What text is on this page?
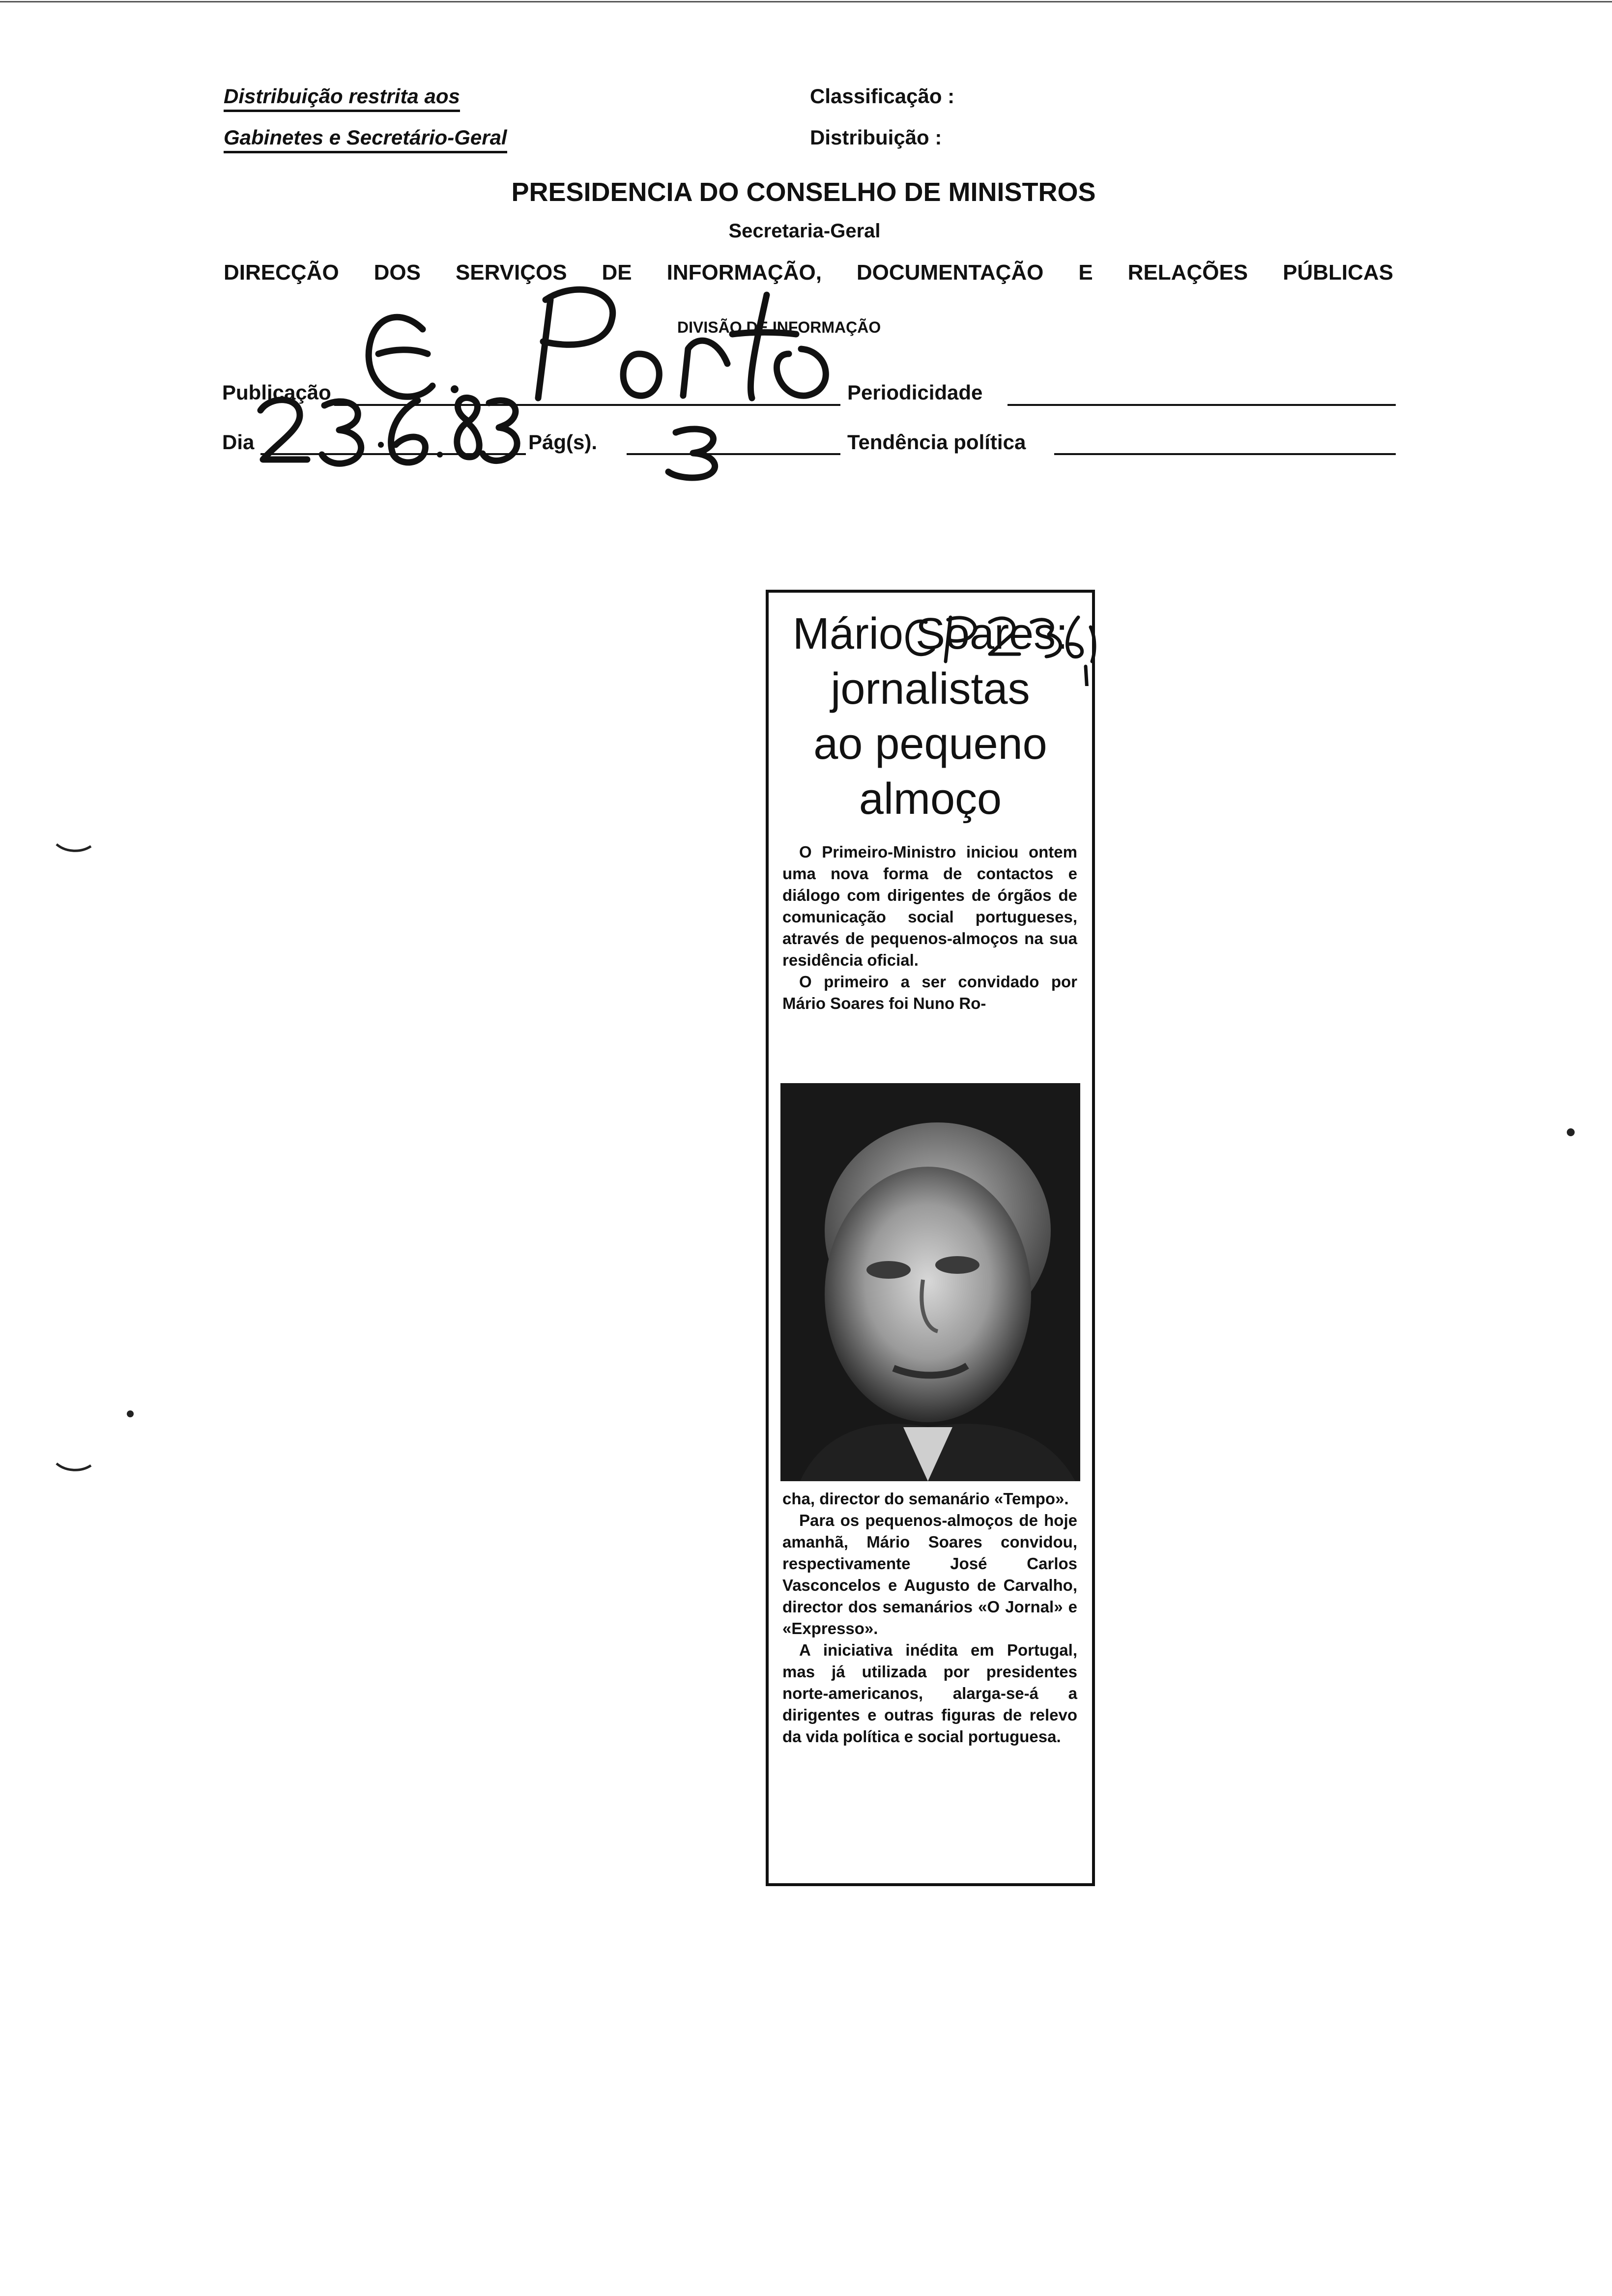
Distribuição restrita aos
Gabinetes e Secretário-Geral
Classificação :
Distribuição :
PRESIDENCIA DO CONSELHO DE MINISTROS
Secretaria-Geral
DIRECÇÃO DOS SERVIÇOS DE INFORMAÇÃO, DOCUMENTAÇÃO E RELAÇÕES PÚBLICAS
DIVISÃO DE INFORMAÇÃO
Publicação	Periodicidade
Dia	Pág(s).	Tendência política
Mário Soares:
jornalistas
ao pequeno
almoço

O Primeiro-Ministro iniciou ontem uma nova forma de contactos e diálogo com dirigentes de órgãos de comunicação social portugueses, através de pequenos-almoços na sua residência oficial.

O primeiro a ser convidado por Mário Soares foi Nuno Ro-

cha, director do semanário «Tempo».

Para os pequenos-almoços de hoje amanhã, Mário Soares convidou, respectivamente José Carlos Vasconcelos e Augusto de Carvalho, director dos semanários «O Jornal» e «Expresso».

A iniciativa inédita em Portugal, mas já utilizada por presidentes norte-americanos, alarga-se-á a dirigentes e outras figuras de relevo da vida política e social portuguesa.
